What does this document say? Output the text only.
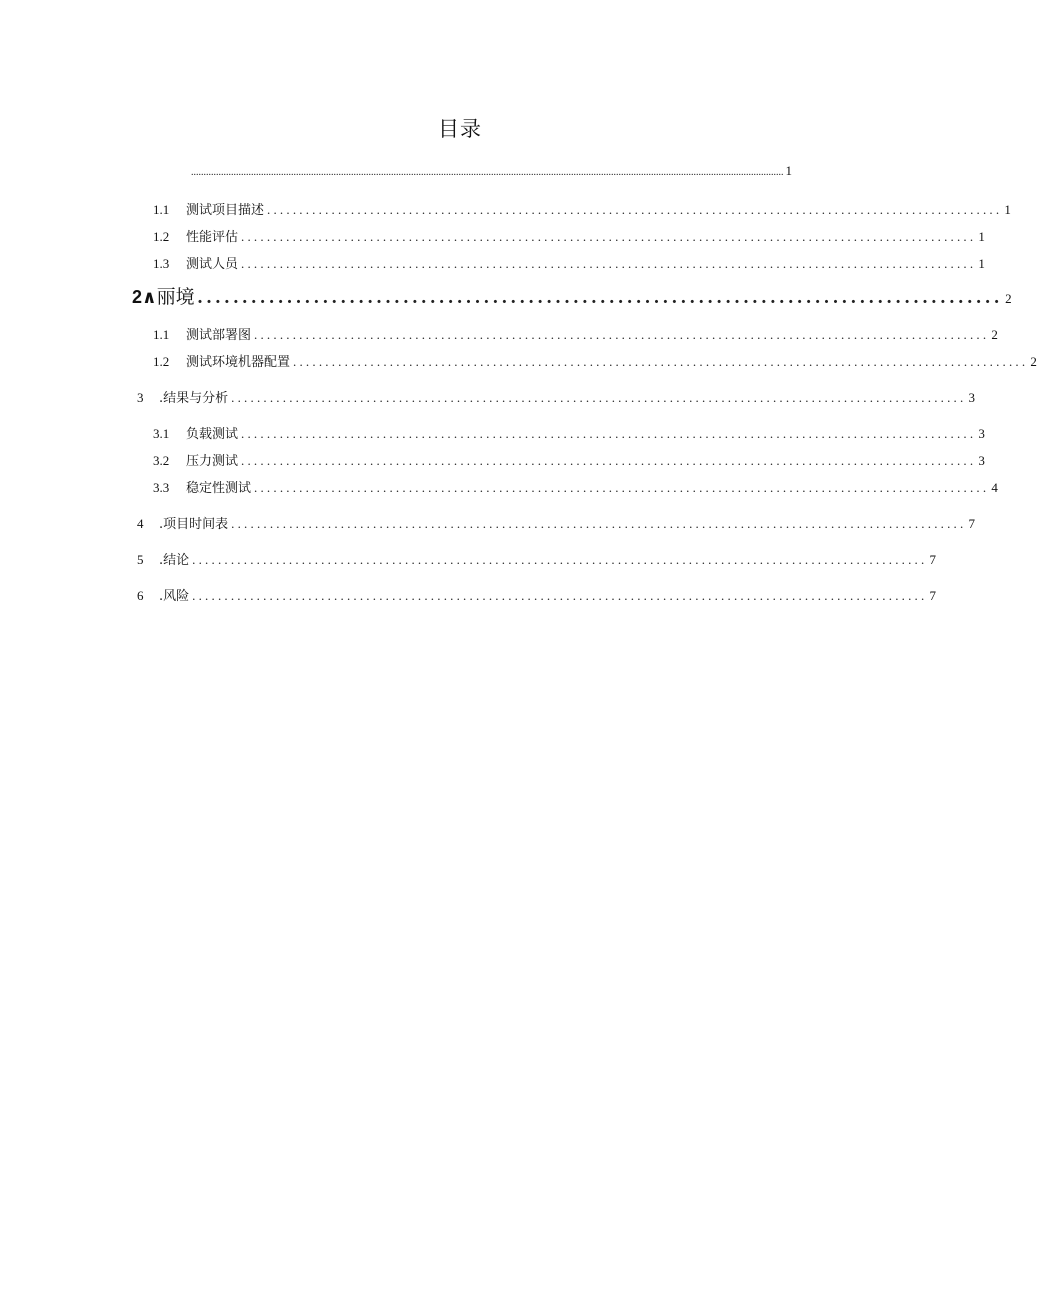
目录
............................................................................................................................................................................................................................................. 1
1.1	测试项目描述 .................................................................................................................. 1
1.2	性能评估 .................................................................................................................. 1
1.3	测试人员 .................................................................................................................. 1
2∧ 丽境 .......................................................................................... 2
1.1	测试部署图 .................................................................................................................. 2
1.2	测试环境机器配置 .................................................................................................................. 2
3	.结果与分析 .................................................................................................................. 3
3.1	负载测试 .................................................................................................................. 3
3.2	压力测试 .................................................................................................................. 3
3.3	稳定性测试 .................................................................................................................. 4
4	.项目时间表 .................................................................................................................. 7
5	.结论 .................................................................................................................. 7
6	.风险 .................................................................................................................. 7
